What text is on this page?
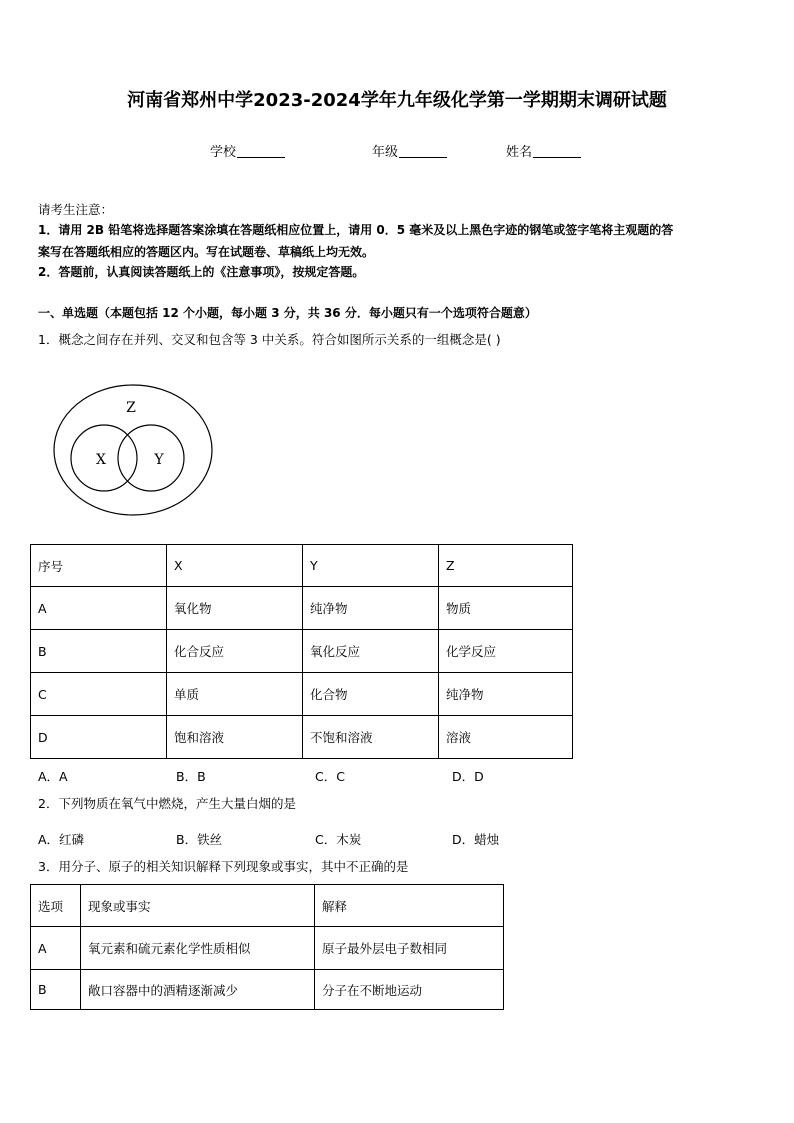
河南省郑州中学2023-2024学年九年级化学第一学期期末调研试题
学校	年级	姓名
请考生注意：
1．请用 2B 铅笔将选择题答案涂填在答题纸相应位置上，请用 0．5 毫米及以上黑色字迹的钢笔或签字笔将主观题的答
案写在答题纸相应的答题区内。写在试题卷、草稿纸上均无效。
2．答题前，认真阅读答题纸上的《注意事项》，按规定答题。
一、单选题（本题包括 12 个小题，每小题 3 分，共 36 分．每小题只有一个选项符合题意）
1．概念之间存在并列、交叉和包含等 3 中关系。符合如图所示关系的一组概念是( )
Z
X	Y
序号	X	Y	Z
A	氧化物	纯净物	物质
B	化合反应	氧化反应	化学反应
C	单质	化合物	纯净物
D	饱和溶液	不饱和溶液	溶液
A．A	B．B	C．C	D．D
2．下列物质在氧气中燃烧，产生大量白烟的是
A．红磷	B．铁丝	C．木炭	D．蜡烛
3．用分子、原子的相关知识解释下列现象或事实，其中不正确的是
选项	现象或事实	解释
A	氧元素和硫元素化学性质相似	原子最外层电子数相同
B	敞口容器中的酒精逐渐减少	分子在不断地运动
